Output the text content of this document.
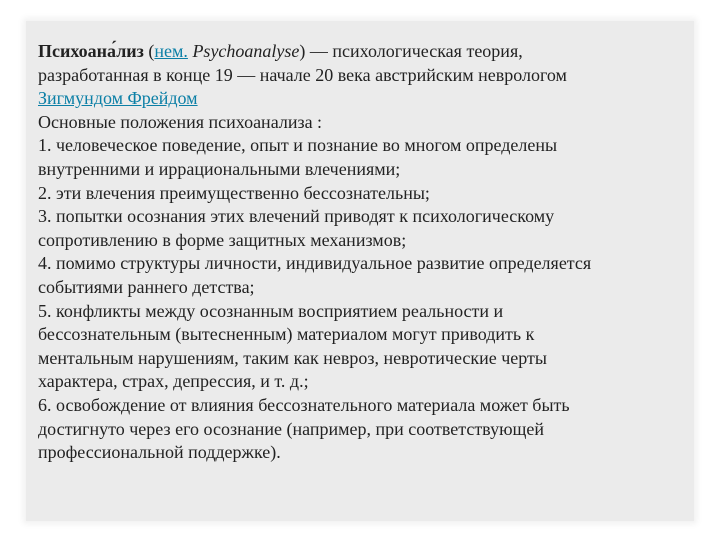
Психоана́лиз (нем. Psychoanalyse) — психологическая теория,
разработанная в конце 19 — начале 20 века австрийским неврологом
Зигмундом Фрейдом
Основные положения психоанализа :
1. человеческое поведение, опыт и познание во многом определены
внутренними и иррациональными влечениями;
2. эти влечения преимущественно бессознательны;
3. попытки осознания этих влечений приводят к психологическому
сопротивлению в форме защитных механизмов;
4. помимо структуры личности, индивидуальное развитие определяется
событиями раннего детства;
5. конфликты между осознанным восприятием реальности и
бессознательным (вытесненным) материалом могут приводить к
ментальным нарушениям, таким как невроз, невротические черты
характера, страх, депрессия, и т. д.;
6. освобождение от влияния бессознательного материала может быть
достигнуто через его осознание (например, при соответствующей
профессиональной поддержке).
